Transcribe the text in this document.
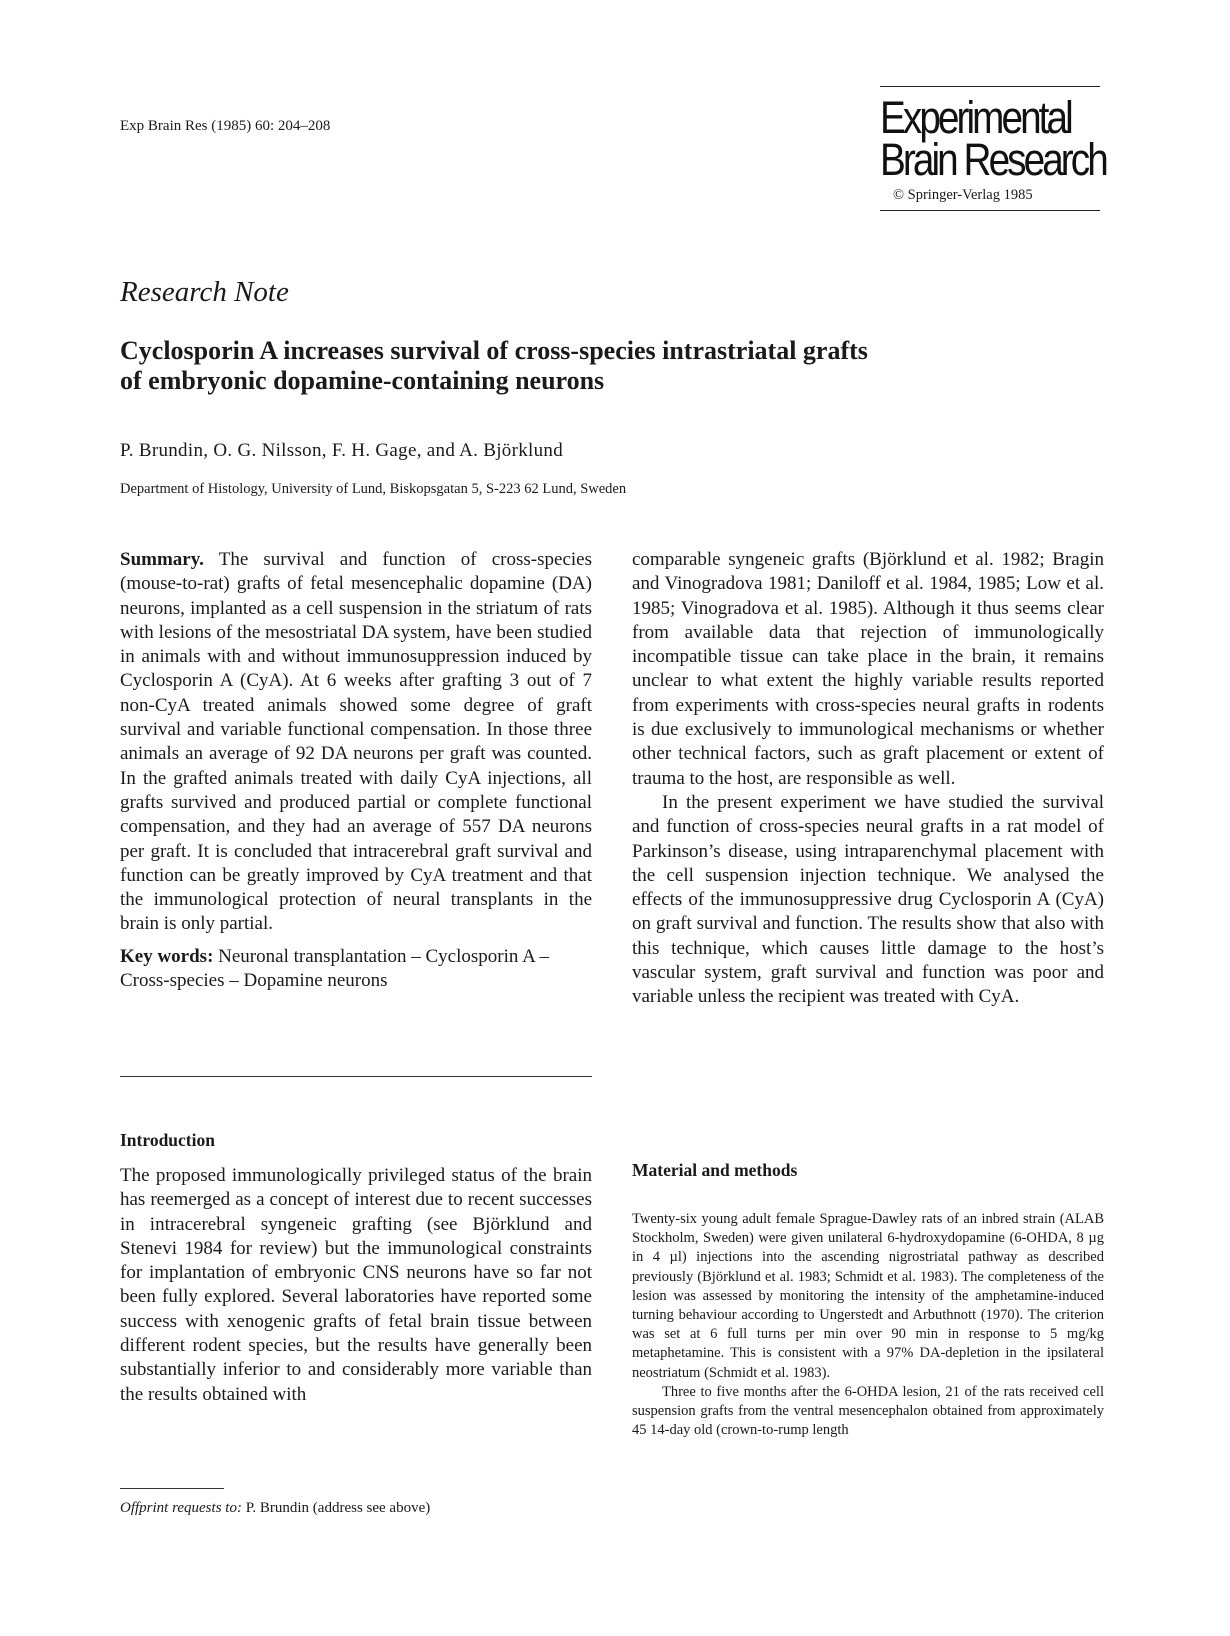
Exp Brain Res (1985) 60: 204–208	Experimental
Brain Research
© Springer-Verlag 1985
Research Note
Cyclosporin A increases survival of cross-species intrastriatal grafts
of embryonic dopamine-containing neurons
P. Brundin, O. G. Nilsson, F. H. Gage, and A. Björklund
Department of Histology, University of Lund, Biskopsgatan 5, S-223 62 Lund, Sweden

Summary. The survival and function of cross-species (mouse-to-rat) grafts of fetal mesencephalic dopamine (DA) neurons, implanted as a cell suspension in the striatum of rats with lesions of the mesostriatal DA system, have been studied in animals with and without immunosuppression induced by Cyclosporin A (CyA). At 6 weeks after grafting 3 out of 7 non-CyA treated animals showed some degree of graft survival and variable functional compensation. In those three animals an average of 92 DA neurons per graft was counted. In the grafted animals treated with daily CyA injections, all grafts survived and produced partial or complete functional compensation, and they had an average of 557 DA neurons per graft. It is concluded that intracerebral graft survival and function can be greatly improved by CyA treatment and that the immunological protection of neural transplants in the brain is only partial.

Key words: Neuronal transplantation – Cyclosporin A – Cross-species – Dopamine neurons

Introduction

The proposed immunologically privileged status of the brain has reemerged as a concept of interest due to recent successes in intracerebral syngeneic grafting (see Björklund and Stenevi 1984 for review) but the immunological constraints for implantation of embryonic CNS neurons have so far not been fully explored. Several laboratories have reported some success with xenogenic grafts of fetal brain tissue between different rodent species, but the results have generally been substantially inferior to and considerably more variable than the results obtained with

Offprint requests to: P. Brundin (address see above)

comparable syngeneic grafts (Björklund et al. 1982; Bragin and Vinogradova 1981; Daniloff et al. 1984, 1985; Low et al. 1985; Vinogradova et al. 1985). Although it thus seems clear from available data that rejection of immunologically incompatible tissue can take place in the brain, it remains unclear to what extent the highly variable results reported from experiments with cross-species neural grafts in rodents is due exclusively to immunological mechanisms or whether other technical factors, such as graft placement or extent of trauma to the host, are responsible as well.

In the present experiment we have studied the survival and function of cross-species neural grafts in a rat model of Parkinson’s disease, using intraparenchymal placement with the cell suspension injection technique. We analysed the effects of the immunosuppressive drug Cyclosporin A (CyA) on graft survival and function. The results show that also with this technique, which causes little damage to the host’s vascular system, graft survival and function was poor and variable unless the recipient was treated with CyA.

Material and methods

Twenty-six young adult female Sprague-Dawley rats of an inbred strain (ALAB Stockholm, Sweden) were given unilateral 6-hydroxydopamine (6‑OHDA, 8 µg in 4 µl) injections into the ascending nigrostriatal pathway as described previously (Björklund et al. 1983; Schmidt et al. 1983). The completeness of the lesion was assessed by monitoring the intensity of the amphetamine-induced turning behaviour according to Ungerstedt and Arbuthnott (1970). The criterion was set at 6 full turns per min over 90 min in response to 5 mg/kg metaphetamine. This is consistent with a 97% DA-depletion in the ipsilateral neostriatum (Schmidt et al. 1983).

Three to five months after the 6‑OHDA lesion, 21 of the rats received cell suspension grafts from the ventral mesencephalon obtained from approximately 45 14-day old (crown-to-rump length
